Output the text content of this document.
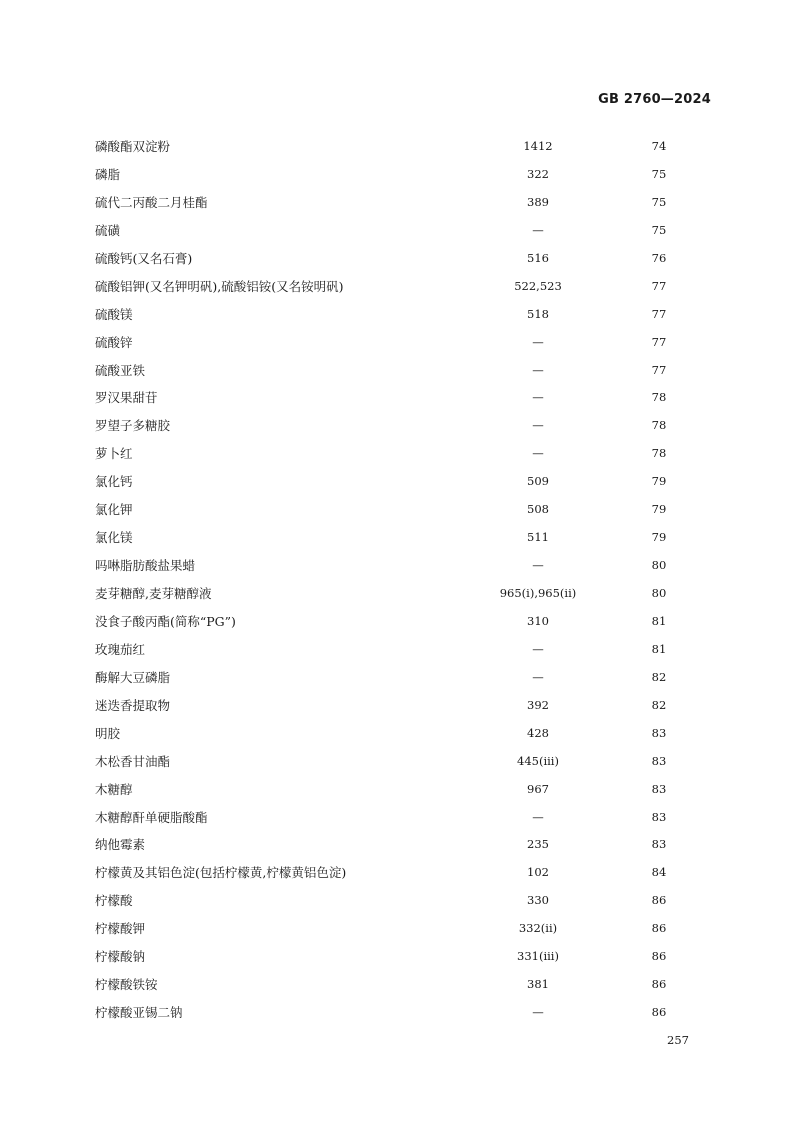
GB 2760—2024
磷酸酯双淀粉	1412	74
磷脂	322	75
硫代二丙酸二月桂酯	389	75
硫磺	—	75
硫酸钙(又名石膏)	516	76
硫酸铝钾(又名钾明矾),硫酸铝铵(又名铵明矾)	522,523	77
硫酸镁	518	77
硫酸锌	—	77
硫酸亚铁	—	77
罗汉果甜苷	—	78
罗望子多糖胶	—	78
萝卜红	—	78
氯化钙	509	79
氯化钾	508	79
氯化镁	511	79
吗啉脂肪酸盐果蜡	—	80
麦芽糖醇,麦芽糖醇液	965(i),965(ii)	80
没食子酸丙酯(简称“PG”)	310	81
玫瑰茄红	—	81
酶解大豆磷脂	—	82
迷迭香提取物	392	82
明胶	428	83
木松香甘油酯	445(iii)	83
木糖醇	967	83
木糖醇酐单硬脂酸酯	—	83
纳他霉素	235	83
柠檬黄及其铝色淀(包括柠檬黄,柠檬黄铝色淀)	102	84
柠檬酸	330	86
柠檬酸钾	332(ii)	86
柠檬酸钠	331(iii)	86
柠檬酸铁铵	381	86
柠檬酸亚锡二钠	—	86
257
